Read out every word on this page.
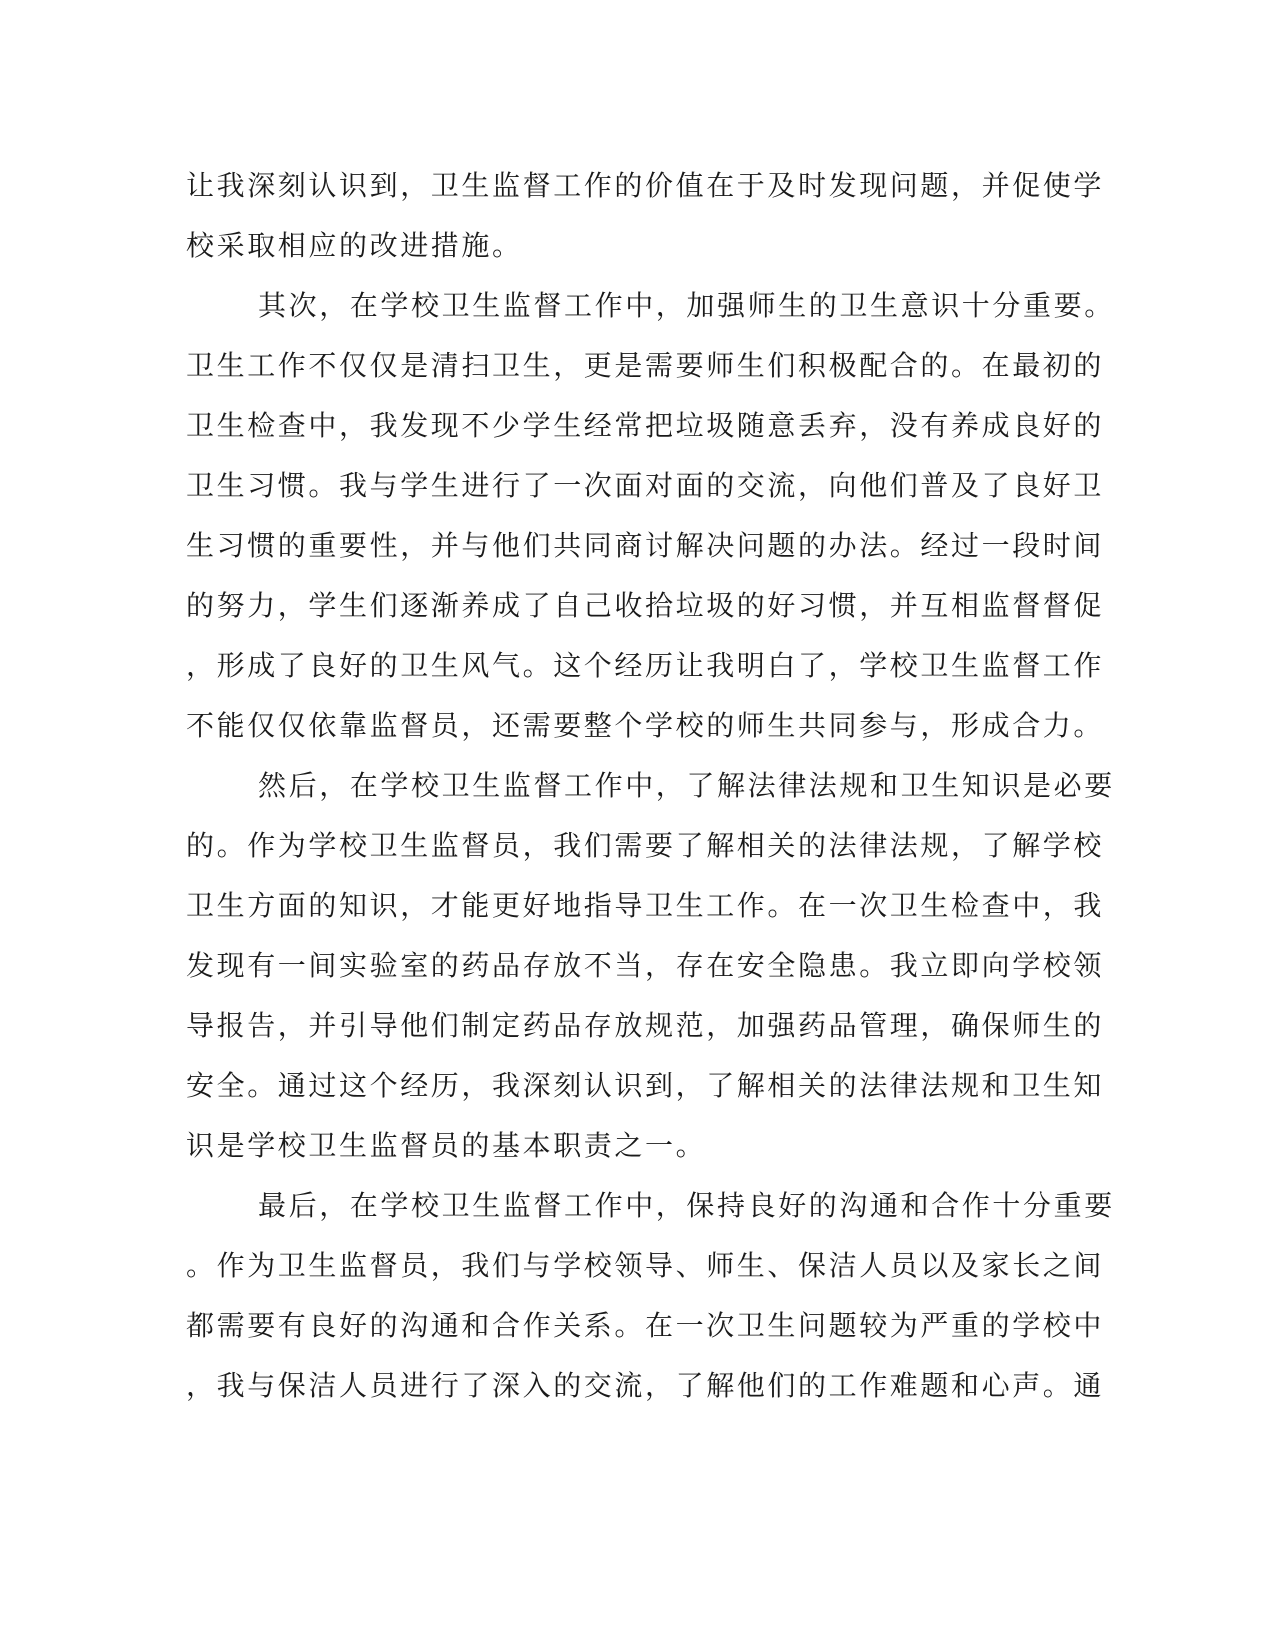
让我深刻认识到，卫生监督工作的价值在于及时发现问题，并促使学
校采取相应的改进措施。
其次，在学校卫生监督工作中，加强师生的卫生意识十分重要。
卫生工作不仅仅是清扫卫生，更是需要师生们积极配合的。在最初的
卫生检查中，我发现不少学生经常把垃圾随意丢弃，没有养成良好的
卫生习惯。我与学生进行了一次面对面的交流，向他们普及了良好卫
生习惯的重要性，并与他们共同商讨解决问题的办法。经过一段时间
的努力，学生们逐渐养成了自己收拾垃圾的好习惯，并互相监督督促
，形成了良好的卫生风气。这个经历让我明白了，学校卫生监督工作
不能仅仅依靠监督员，还需要整个学校的师生共同参与，形成合力。
然后，在学校卫生监督工作中，了解法律法规和卫生知识是必要
的。作为学校卫生监督员，我们需要了解相关的法律法规，了解学校
卫生方面的知识，才能更好地指导卫生工作。在一次卫生检查中，我
发现有一间实验室的药品存放不当，存在安全隐患。我立即向学校领
导报告，并引导他们制定药品存放规范，加强药品管理，确保师生的
安全。通过这个经历，我深刻认识到，了解相关的法律法规和卫生知
识是学校卫生监督员的基本职责之一。
最后，在学校卫生监督工作中，保持良好的沟通和合作十分重要
。作为卫生监督员，我们与学校领导、师生、保洁人员以及家长之间
都需要有良好的沟通和合作关系。在一次卫生问题较为严重的学校中
，我与保洁人员进行了深入的交流，了解他们的工作难题和心声。通
